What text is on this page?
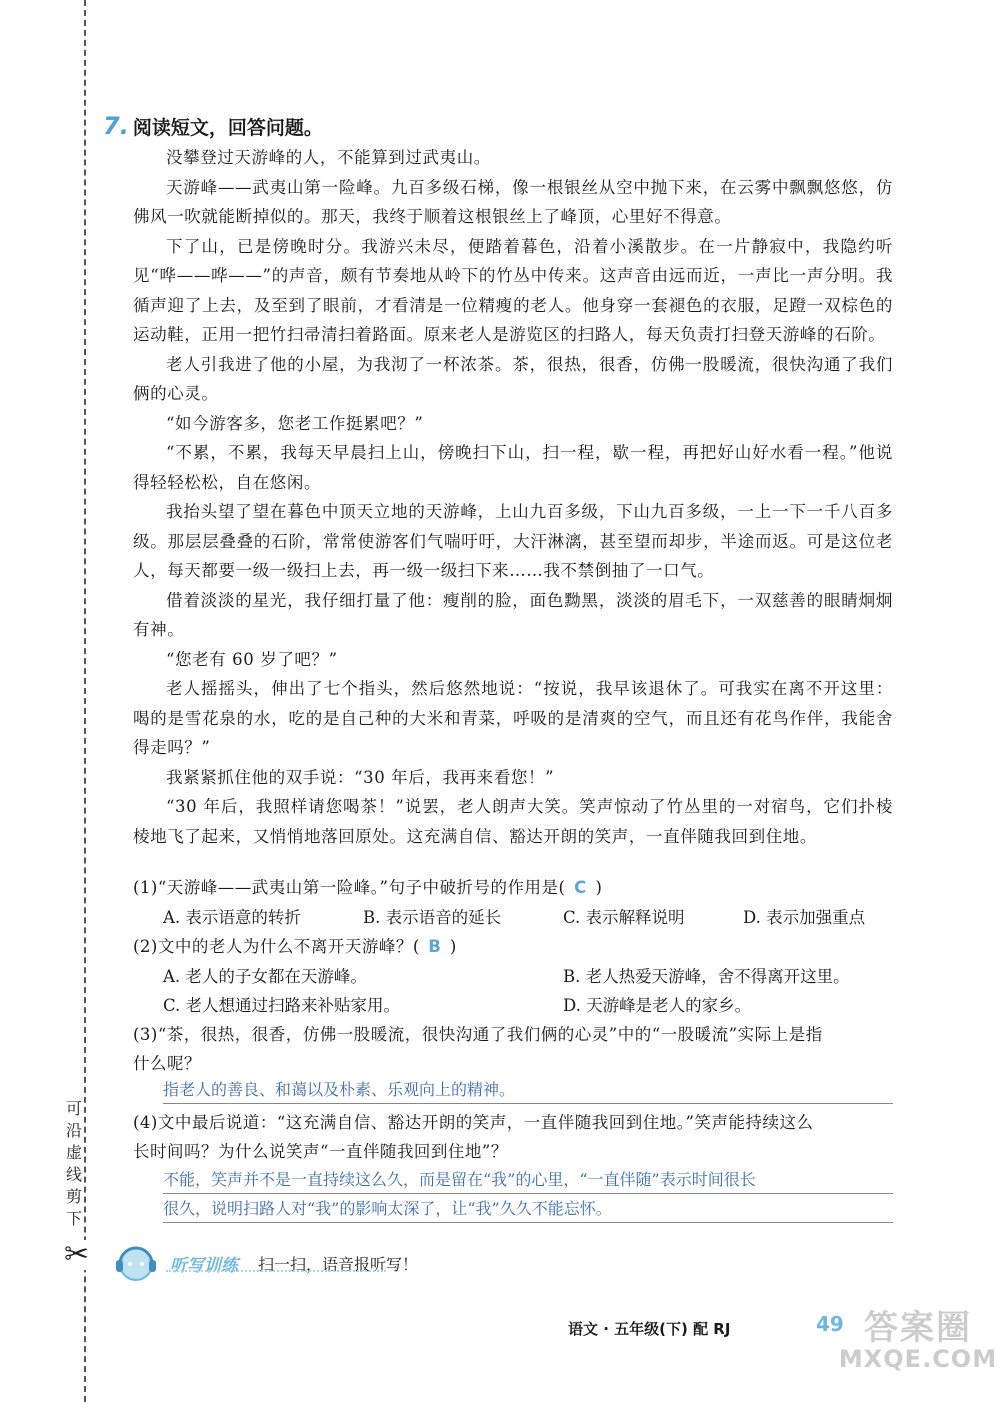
可沿虚线剪下
✂
7. 阅读短文，回答问题。

没攀登过天游峰的人，不能算到过武夷山。

天游峰——武夷山第一险峰。九百多级石梯，像一根银丝从空中抛下来，在云雾中飘飘悠悠，仿佛风一吹就能断掉似的。那天，我终于顺着这根银丝上了峰顶，心里好不得意。

下了山，已是傍晚时分。我游兴未尽，便踏着暮色，沿着小溪散步。在一片静寂中，我隐约听见“哗——哗——”的声音，颇有节奏地从岭下的竹丛中传来。这声音由远而近，一声比一声分明。我循声迎了上去，及至到了眼前，才看清是一位精瘦的老人。他身穿一套褪色的衣服，足蹬一双棕色的运动鞋，正用一把竹扫帚清扫着路面。原来老人是游览区的扫路人，每天负责打扫登天游峰的石阶。

老人引我进了他的小屋，为我沏了一杯浓茶。茶，很热，很香，仿佛一股暖流，很快沟通了我们俩的心灵。

“如今游客多，您老工作挺累吧？”

“不累，不累，我每天早晨扫上山，傍晚扫下山，扫一程，歇一程，再把好山好水看一程。”他说得轻轻松松，自在悠闲。

我抬头望了望在暮色中顶天立地的天游峰，上山九百多级，下山九百多级，一上一下一千八百多级。那层层叠叠的石阶，常常使游客们气喘吁吁，大汗淋漓，甚至望而却步，半途而返。可是这位老人，每天都要一级一级扫上去，再一级一级扫下来……我不禁倒抽了一口气。

借着淡淡的星光，我仔细打量了他：瘦削的脸，面色黝黑，淡淡的眉毛下，一双慈善的眼睛炯炯有神。

“您老有 60 岁了吧？”

老人摇摇头，伸出了七个指头，然后悠然地说：“按说，我早该退休了。可我实在离不开这里：喝的是雪花泉的水，吃的是自己种的大米和青菜，呼吸的是清爽的空气，而且还有花鸟作伴，我能舍得走吗？”

我紧紧抓住他的双手说：“30 年后，我再来看您！”

“30 年后，我照样请您喝茶！”说罢，老人朗声大笑。笑声惊动了竹丛里的一对宿鸟，它们扑棱棱地飞了起来，又悄悄地落回原处。这充满自信、豁达开朗的笑声，一直伴随我回到住地。

(1)“天游峰——武夷山第一险峰。”句子中破折号的作用是( C )
A. 表示语意的转折	B. 表示语音的延长	C. 表示解释说明	D. 表示加强重点
(2)文中的老人为什么不离开天游峰？( B )
A. 老人的子女都在天游峰。	B. 老人热爱天游峰，舍不得离开这里。
C. 老人想通过扫路来补贴家用。	D. 天游峰是老人的家乡。
(3)“茶，很热，很香，仿佛一股暖流，很快沟通了我们俩的心灵”中的“一股暖流”实际上是指
什么呢？
指老人的善良、和蔼以及朴素、乐观向上的精神。
(4)文中最后说道：“这充满自信、豁达开朗的笑声，一直伴随我回到住地。”笑声能持续这么
长时间吗？为什么说笑声“一直伴随我回到住地”？
不能，笑声并不是一直持续这么久，而是留在“我”的心里，“一直伴随”表示时间很长
很久，说明扫路人对“我”的影响太深了，让“我”久久不能忘怀。
听写训练 扫一扫，语音报听写！
语文 · 五年级(下) 配 RJ	49 答案圈
MXQE.COM
